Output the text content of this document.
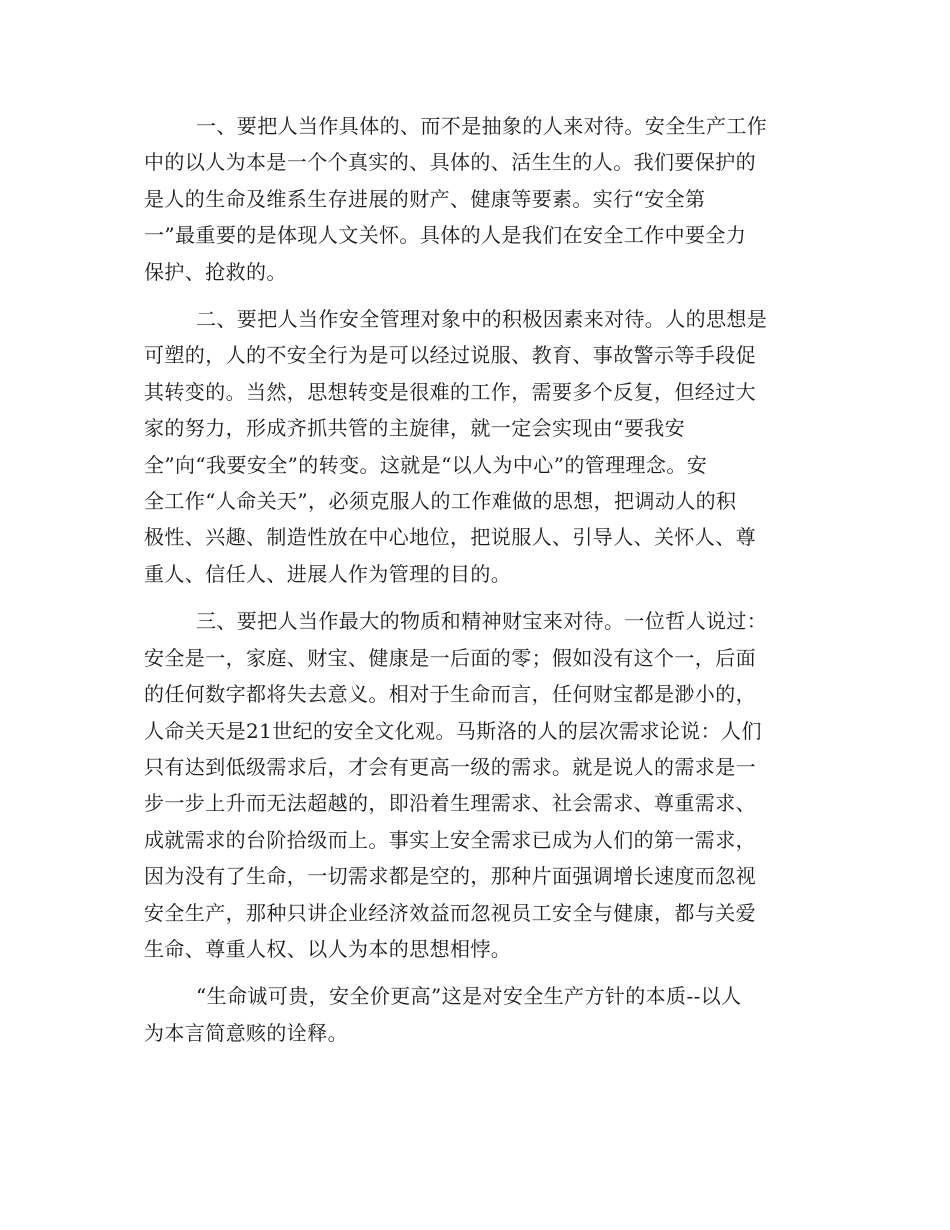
一、要把人当作具体的、而不是抽象的人来对待。安全生产工作
中的以人为本是一个个真实的、具体的、活生生的人。我们要保护的
是人的生命及维系生存进展的财产、健康等要素。实行“安全第
一”最重要的是体现人文关怀。具体的人是我们在安全工作中要全力
保护、抢救的。

二、要把人当作安全管理对象中的积极因素来对待。人的思想是
可塑的，人的不安全行为是可以经过说服、教育、事故警示等手段促
其转变的。当然，思想转变是很难的工作，需要多个反复，但经过大
家的努力，形成齐抓共管的主旋律，就一定会实现由“要我安
全”向“我要安全”的转变。这就是“以人为中心”的管理理念。安
全工作“人命关天”，必须克服人的工作难做的思想，把调动人的积
极性、兴趣、制造性放在中心地位，把说服人、引导人、关怀人、尊
重人、信任人、进展人作为管理的目的。

三、要把人当作最大的物质和精神财宝来对待。一位哲人说过：
安全是一，家庭、财宝、健康是一后面的零；假如没有这个一，后面
的任何数字都将失去意义。相对于生命而言，任何财宝都是渺小的，
人命关天是21世纪的安全文化观。马斯洛的人的层次需求论说：人们
只有达到低级需求后，才会有更高一级的需求。就是说人的需求是一
步一步上升而无法超越的，即沿着生理需求、社会需求、尊重需求、
成就需求的台阶拾级而上。事实上安全需求已成为人们的第一需求，
因为没有了生命，一切需求都是空的，那种片面强调增长速度而忽视
安全生产，那种只讲企业经济效益而忽视员工安全与健康，都与关爱
生命、尊重人权、以人为本的思想相悖。

“生命诚可贵，安全价更高”这是对安全生产方针的本质--以人
为本言简意赅的诠释。
